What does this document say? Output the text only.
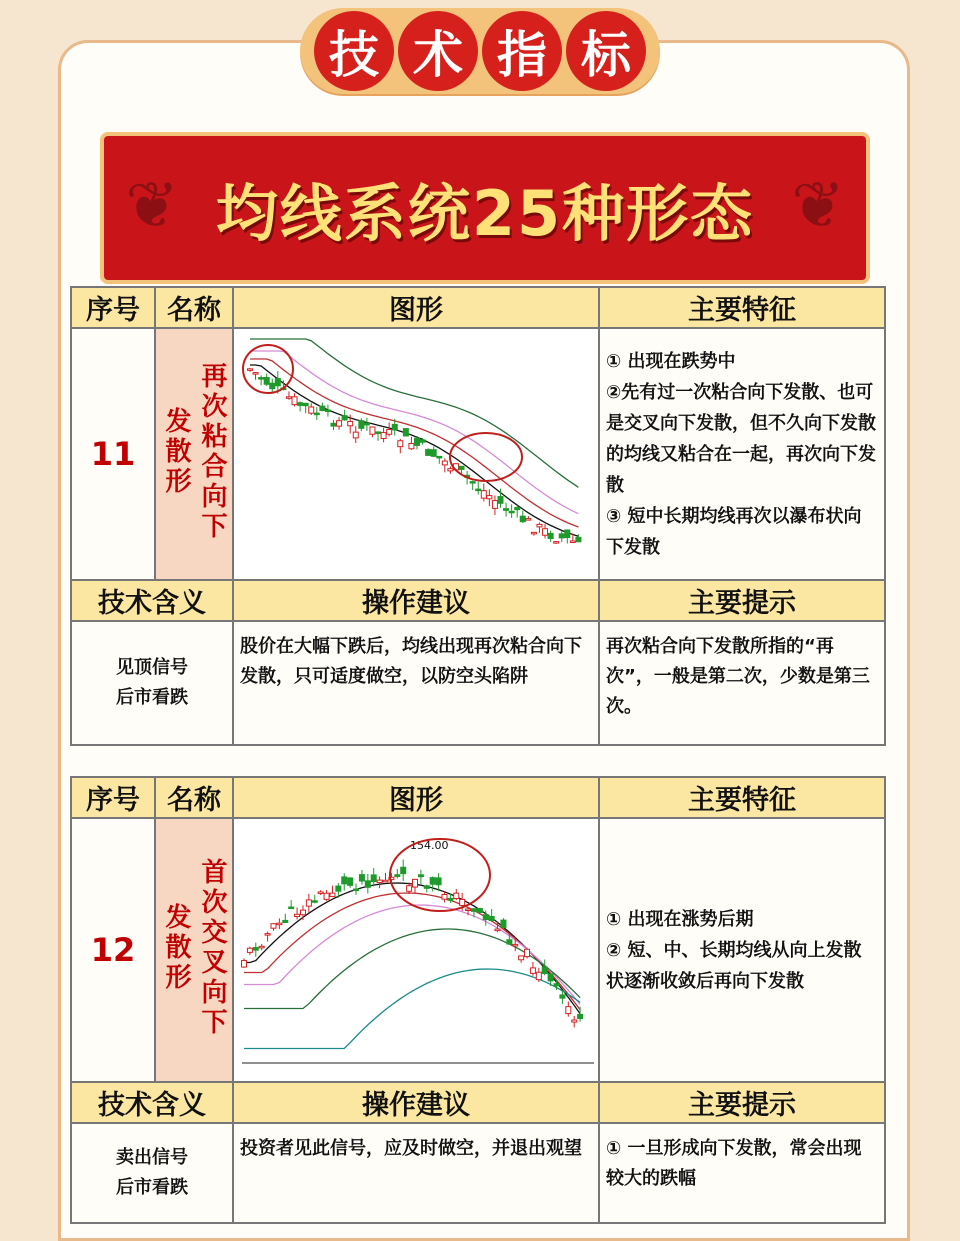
技 术 指 标
❦ 均线系统25种形态 ❦
序号	名称	图形	主要特征
11	再次粘合向下发散形		① 出现在跌势中
②先有过一次粘合向下发散、也可是交叉向下发散，但不久向下发散的均线又粘合在一起，再次向下发散
③ 短中长期均线再次以瀑布状向下发散

技术含义		操作建议	主要提示

见顶信号
后市看跌		股价在大幅下跌后，均线出现再次粘合向下发散，只可适度做空，以防空头陷阱	再次粘合向下发散所指的“再次”，一般是第二次，少数是第三次。
序号	名称	图形	主要特征
12	首次交叉向下发散形	154.00	① 出现在涨势后期
② 短、中、长期均线从向上发散状逐渐收敛后再向下发散

技术含义		操作建议	主要提示

卖出信号
后市看跌		投资者见此信号，应及时做空，并退出观望	① 一旦形成向下发散，常会出现较大的跌幅
